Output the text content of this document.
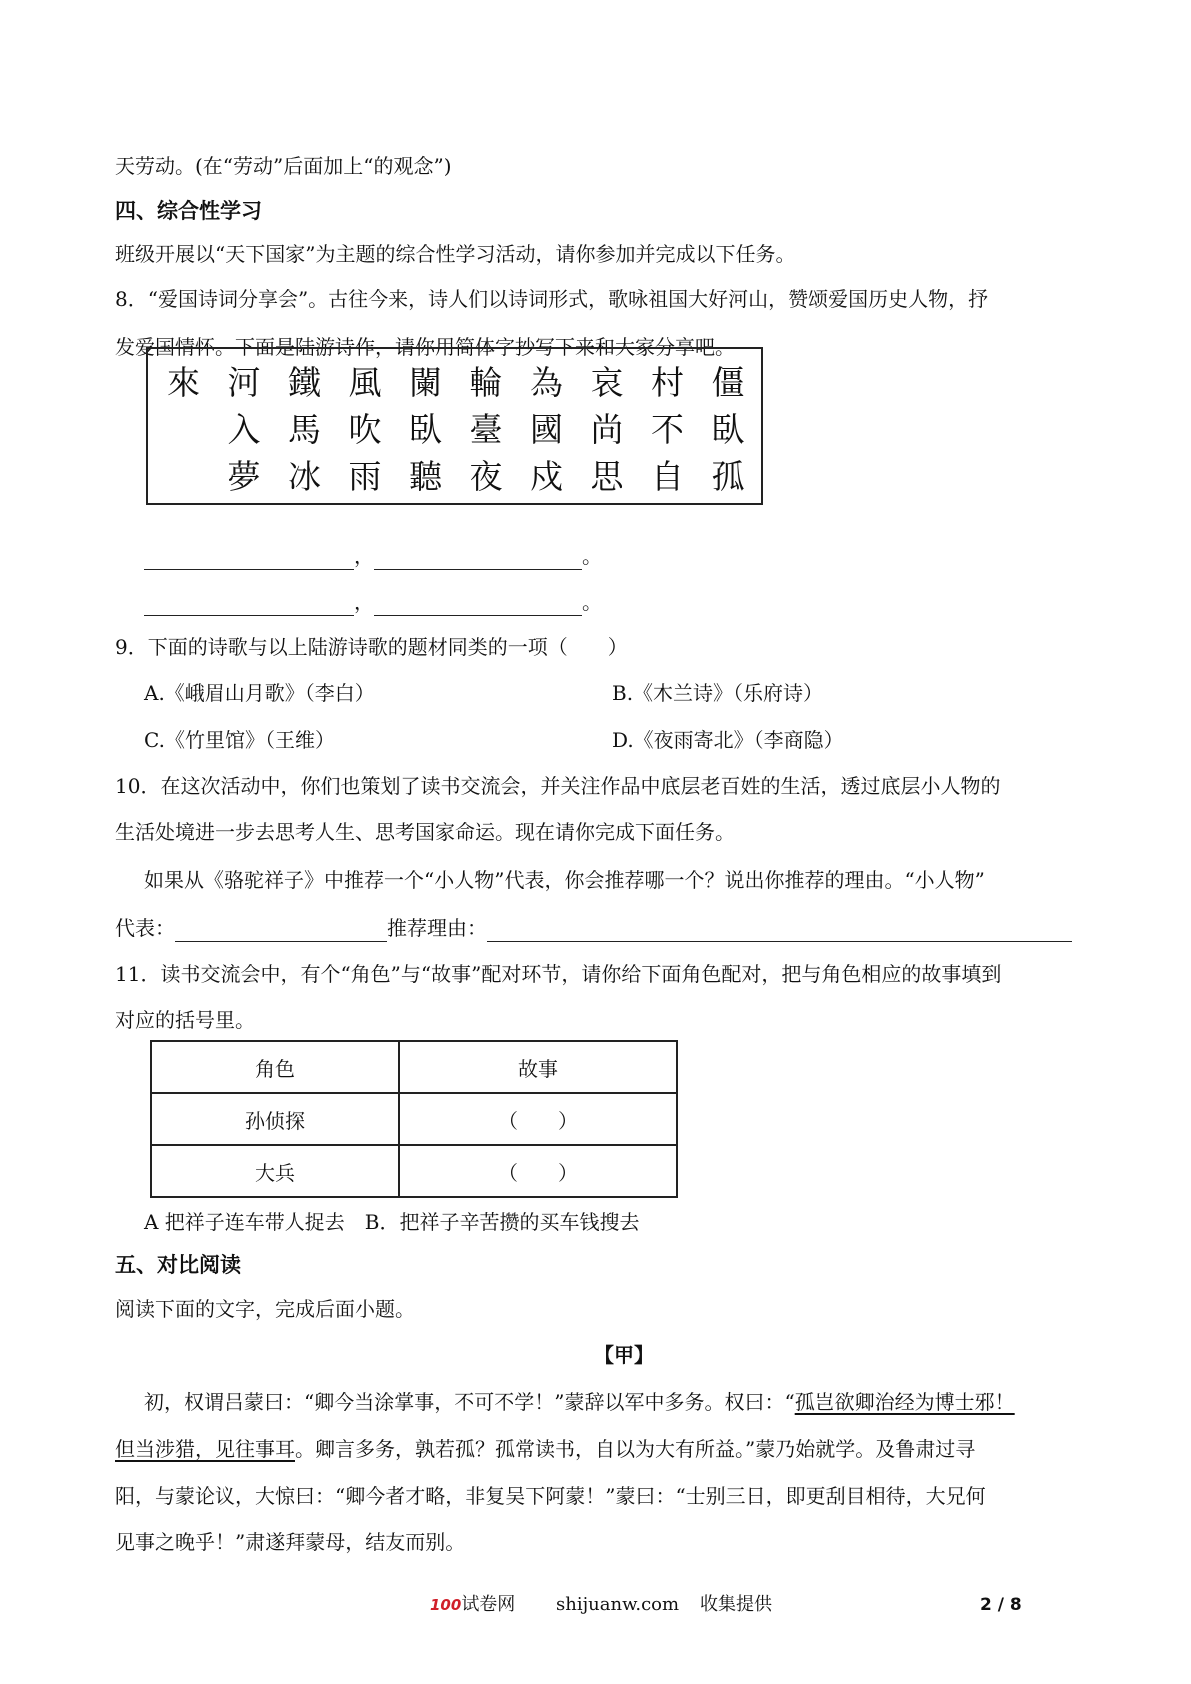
天劳动。(在“劳动”后面加上“的观念”)
四、综合性学习
班级开展以“天下国家”为主题的综合性学习活动，请你参加并完成以下任务。
8．“爱国诗词分享会”。古往今来，诗人们以诗词形式，歌咏祖国大好河山，赞颂爱国历史人物，抒
发爱国情怀。下面是陆游诗作，请你用简体字抄写下来和大家分享吧。
僵
臥
孤
村
不
自
哀
尚
思
為
國
戍
輪
臺
夜
闌
臥
聽
風
吹
雨
鐵
馬
冰
河
入
夢
來
，	。
，	。
9．下面的诗歌与以上陆游诗歌的题材同类的一项（　　）
A.《峨眉山月歌》（李白）	B.《木兰诗》（乐府诗）
C.《竹里馆》（王维）	D.《夜雨寄北》（李商隐）
10．在这次活动中，你们也策划了读书交流会，并关注作品中底层老百姓的生活，透过底层小人物的
生活处境进一步去思考人生、思考国家命运。现在请你完成下面任务。
如果从《骆驼祥子》中推荐一个“小人物”代表，你会推荐哪一个？说出你推荐的理由。“小人物”
代表：	推荐理由：
11．读书交流会中，有个“角色”与“故事”配对环节，请你给下面角色配对，把与角色相应的故事填到
对应的括号里。
角色	故事
孙侦探	（　　）
大兵	（　　）
A 把祥子连车带人捉去　B．把祥子辛苦攒的买车钱搜去
五、对比阅读
阅读下面的文字，完成后面小题。
【甲】
初，权谓吕蒙曰：“卿今当涂掌事，不可不学！”蒙辞以军中多务。权曰：“孤岂欲卿治经为博士邪！
但当涉猎，见往事耳。卿言多务，孰若孤？孤常读书，自以为大有所益。”蒙乃始就学。及鲁肃过寻
阳，与蒙论议，大惊曰：“卿今者才略，非复吴下阿蒙！”蒙曰：“士别三日，即更刮目相待，大兄何
见事之晚乎！”肃遂拜蒙母，结友而别。
100试卷网 shijuanw.com 收集提供	2 / 8
